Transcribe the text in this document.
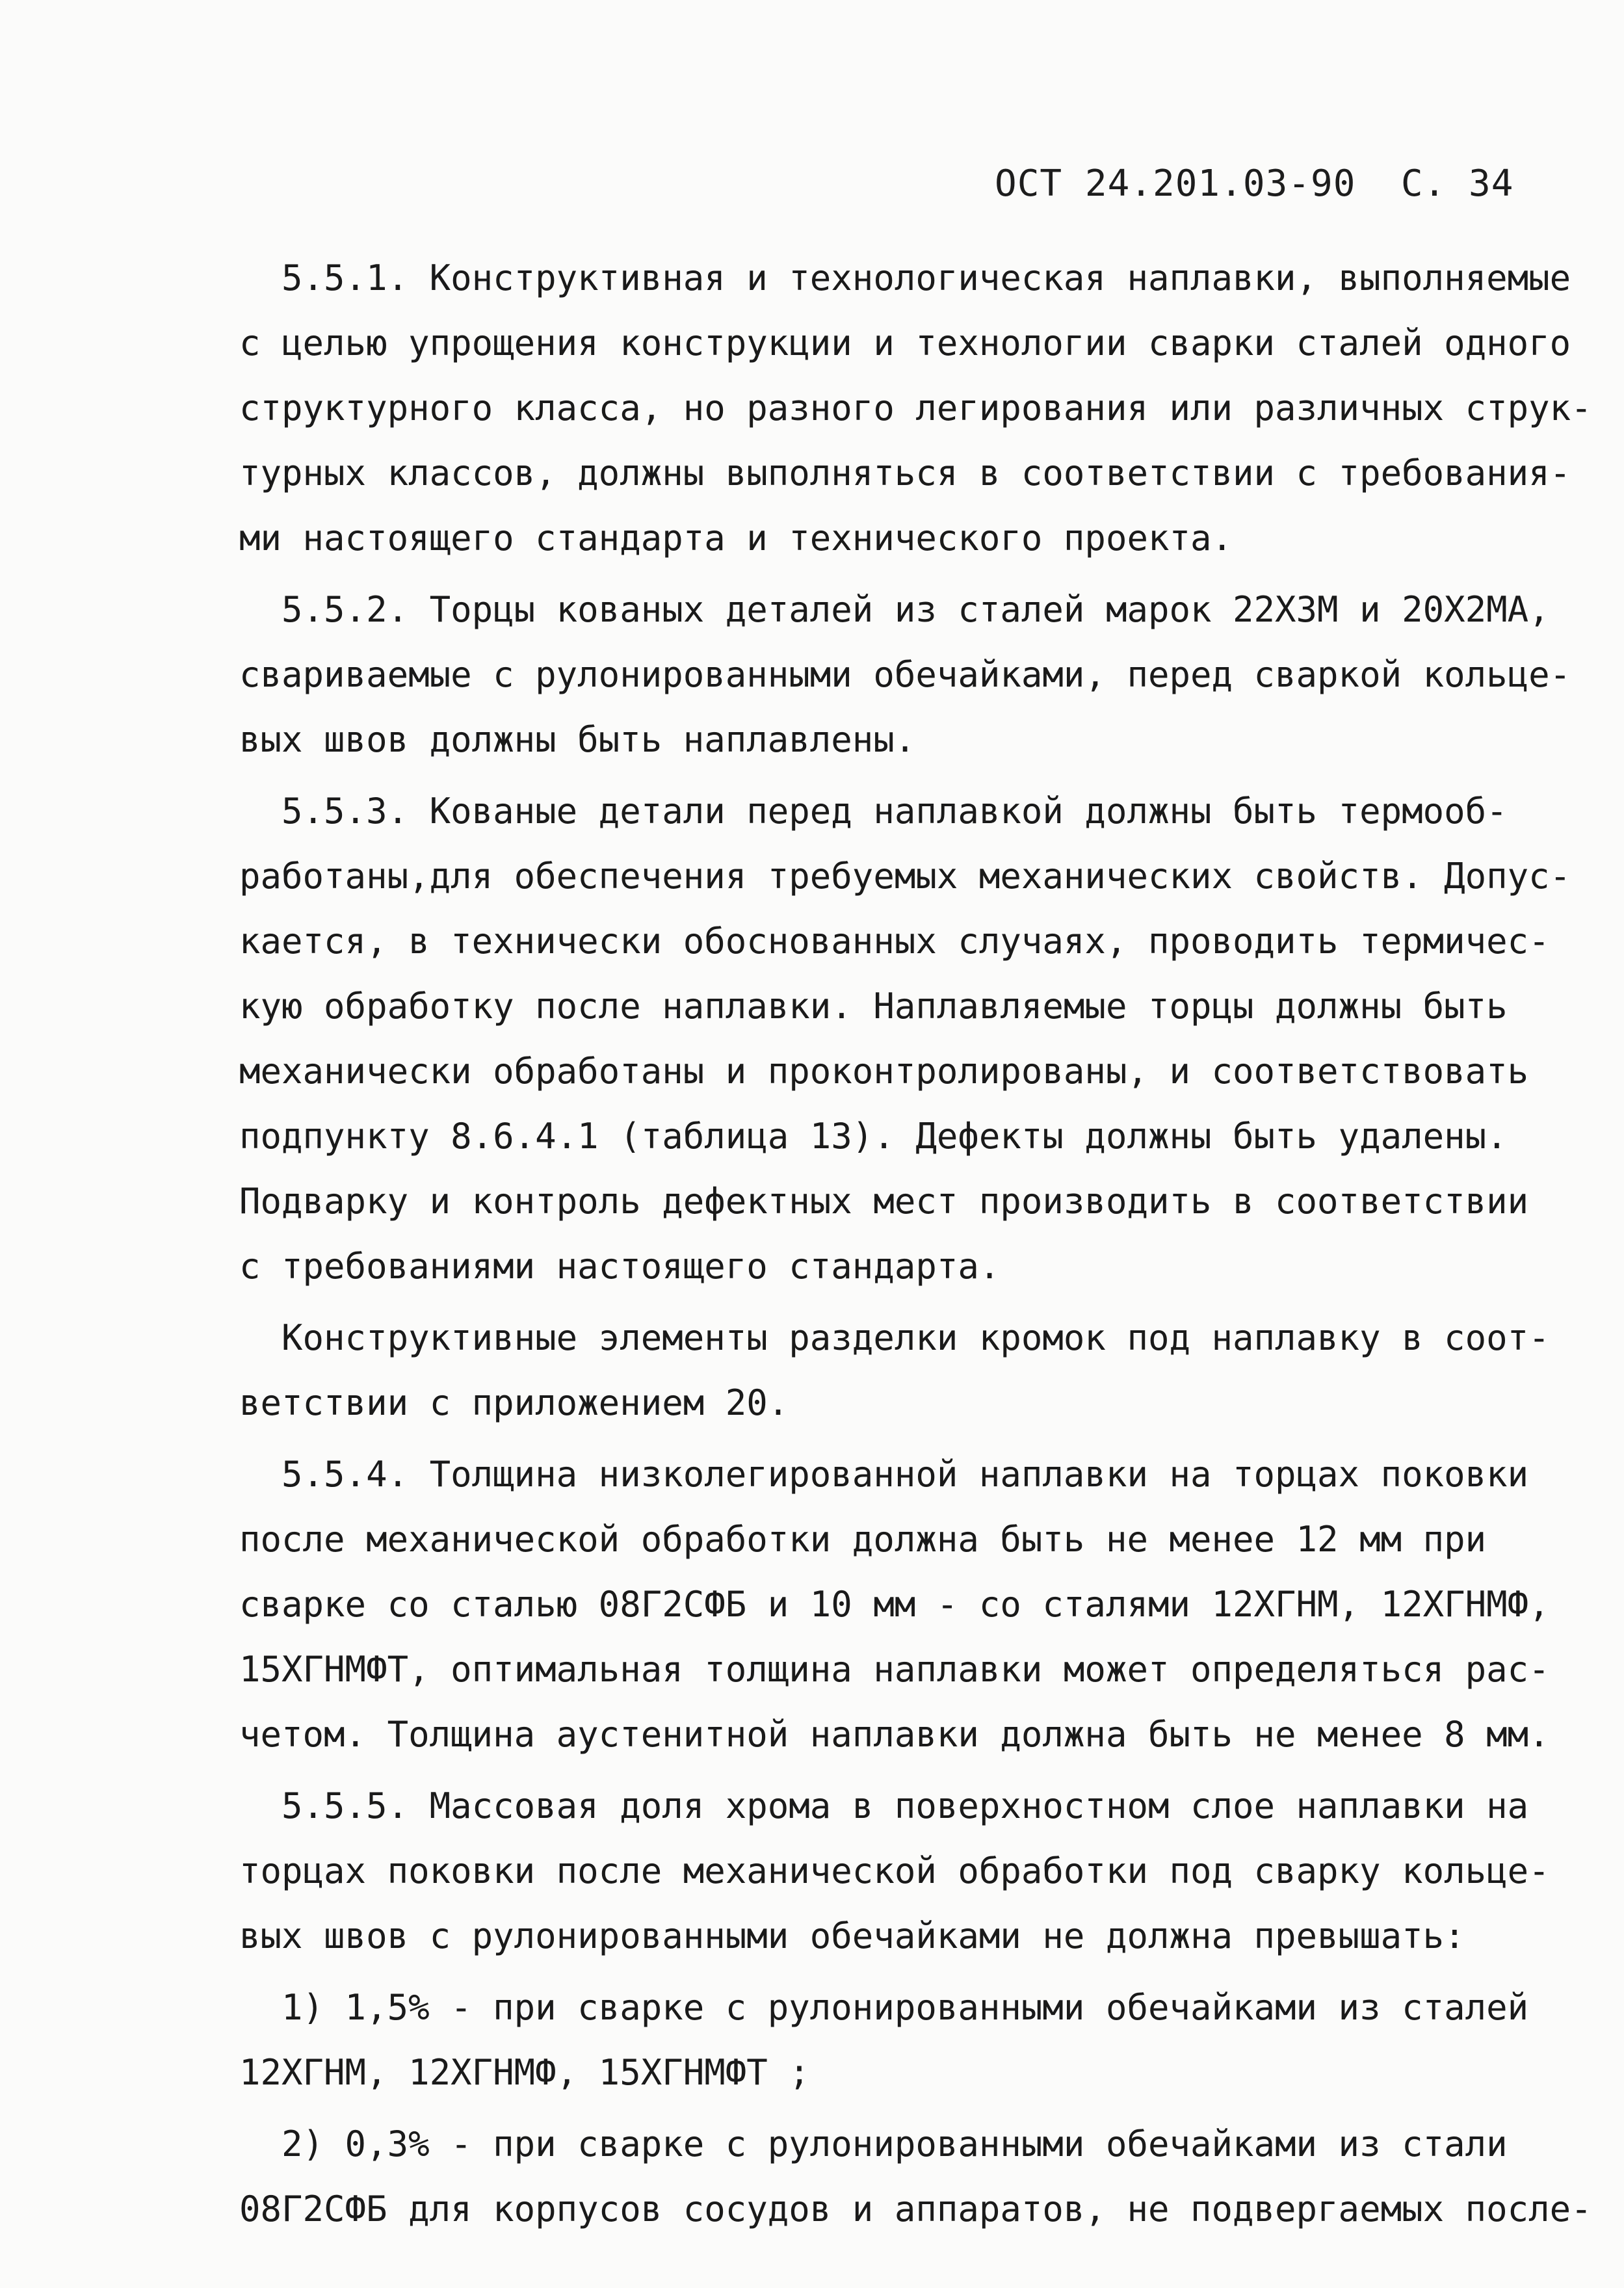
ОСТ 24.201.03-90 С. 34
5.5.1. Конструктивная и технологическая наплавки, выполняемые
с целью упрощения конструкции и технологии сварки сталей одного
структурного класса, но разного легирования или различных струк-
турных классов, должны выполняться в соответствии с требования-
ми настоящего стандарта и технического проекта.
5.5.2. Торцы кованых деталей из сталей марок 22Х3М и 20Х2МА,
свариваемые с рулонированными обечайками, перед сваркой кольце-
вых швов должны быть наплавлены.
5.5.3. Кованые детали перед наплавкой должны быть термооб-
работаны,для обеспечения требуемых механических свойств. Допус-
кается, в технически обоснованных случаях, проводить термичес-
кую обработку после наплавки. Наплавляемые торцы должны быть
механически обработаны и проконтролированы, и соответствовать
подпункту 8.6.4.1 (таблица 13). Дефекты должны быть удалены.
Подварку и контроль дефектных мест производить в соответствии
с требованиями настоящего стандарта.
Конструктивные элементы разделки кромок под наплавку в соот-
ветствии с приложением 20.
5.5.4. Толщина низколегированной наплавки на торцах поковки
после механической обработки должна быть не менее 12 мм при
сварке со сталью 08Г2СФБ и 10 мм - со сталями 12ХГНМ, 12ХГНМФ,
15ХГНМФТ, оптимальная толщина наплавки может определяться рас-
четом. Толщина аустенитной наплавки должна быть не менее 8 мм.
5.5.5. Массовая доля хрома в поверхностном слое наплавки на
торцах поковки после механической обработки под сварку кольце-
вых швов с рулонированными обечайками не должна превышать:
1) 1,5% - при сварке с рулонированными обечайками из сталей
12ХГНМ, 12ХГНМФ, 15ХГНМФТ ;
2) 0,3% - при сварке с рулонированными обечайками из стали
08Г2СФБ для корпусов сосудов и аппаратов, не подвергаемых после-
